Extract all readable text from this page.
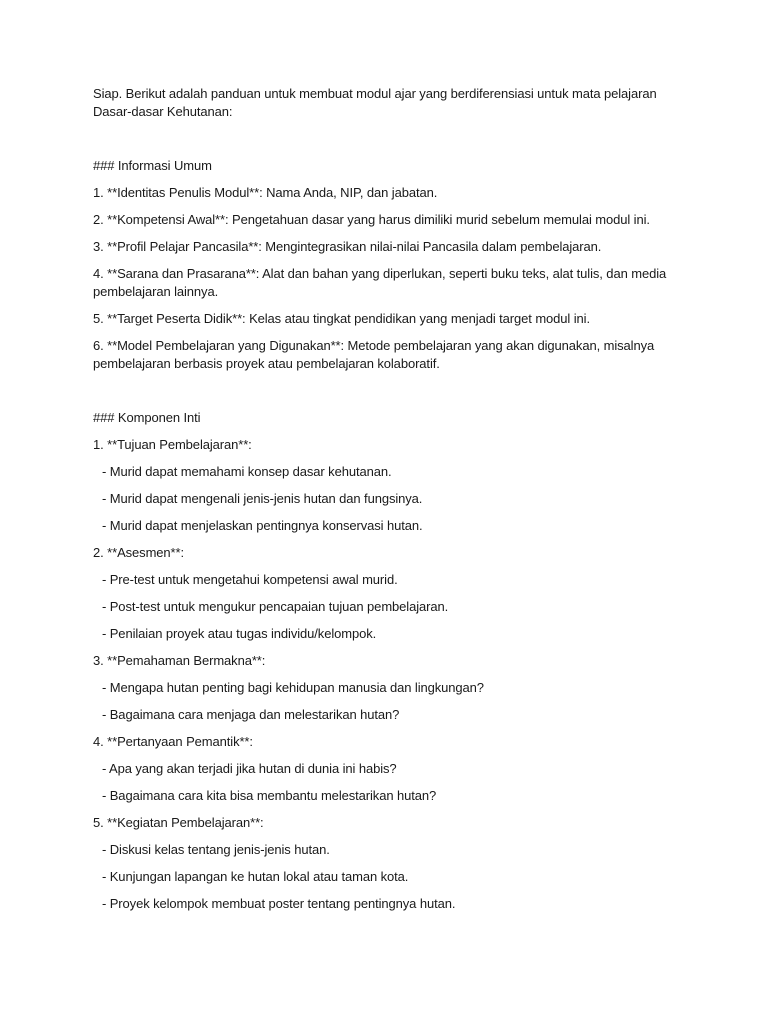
Siap. Berikut adalah panduan untuk membuat modul ajar yang berdiferensiasi untuk mata pelajaran Dasar-dasar Kehutanan:

### Informasi Umum

1. **Identitas Penulis Modul**: Nama Anda, NIP, dan jabatan.

2. **Kompetensi Awal**: Pengetahuan dasar yang harus dimiliki murid sebelum memulai modul ini.

3. **Profil Pelajar Pancasila**: Mengintegrasikan nilai-nilai Pancasila dalam pembelajaran.

4. **Sarana dan Prasarana**: Alat dan bahan yang diperlukan, seperti buku teks, alat tulis, dan media pembelajaran lainnya.

5. **Target Peserta Didik**: Kelas atau tingkat pendidikan yang menjadi target modul ini.

6. **Model Pembelajaran yang Digunakan**: Metode pembelajaran yang akan digunakan, misalnya pembelajaran berbasis proyek atau pembelajaran kolaboratif.

### Komponen Inti

1. **Tujuan Pembelajaran**:

- Murid dapat memahami konsep dasar kehutanan.

- Murid dapat mengenali jenis-jenis hutan dan fungsinya.

- Murid dapat menjelaskan pentingnya konservasi hutan.

2. **Asesmen**:

- Pre-test untuk mengetahui kompetensi awal murid.

- Post-test untuk mengukur pencapaian tujuan pembelajaran.

- Penilaian proyek atau tugas individu/kelompok.

3. **Pemahaman Bermakna**:

- Mengapa hutan penting bagi kehidupan manusia dan lingkungan?

- Bagaimana cara menjaga dan melestarikan hutan?

4. **Pertanyaan Pemantik**:

- Apa yang akan terjadi jika hutan di dunia ini habis?

- Bagaimana cara kita bisa membantu melestarikan hutan?

5. **Kegiatan Pembelajaran**:

- Diskusi kelas tentang jenis-jenis hutan.

- Kunjungan lapangan ke hutan lokal atau taman kota.

- Proyek kelompok membuat poster tentang pentingnya hutan.
